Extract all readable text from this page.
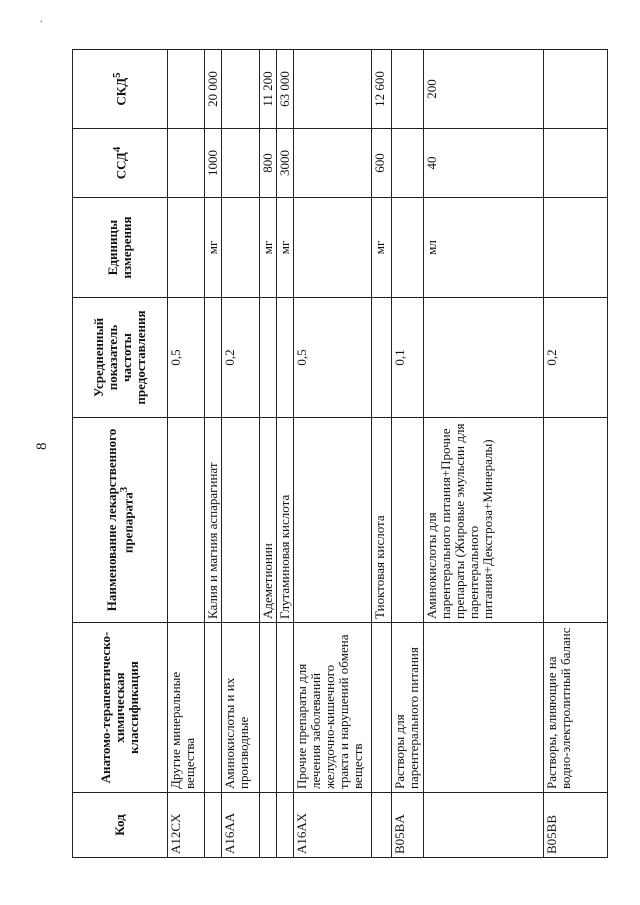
.
'
8
Код	Анатомо-терапевтическо-химическая классификация	Наименование лекарственного препарата$^3$	Усредненный показатель частоты предоставления	Единицы измерения	ССД$^4$	СКД$^5$
A12CX	Другие минеральные вещества		0,5			
		Калия и магния аспарагинат		мг	1000	20 000
A16AA	Аминокислоты и их производные		0,2			
		Адеметионин		мг	800	11 200
		Глутаминовая кислота		мг	3000	63 000
A16AX	Прочие препараты для лечения заболеваний желудочно-кишечного тракта и нарушений обмена веществ		0,5			
		Тиоктовая кислота		мг	600	12 600
B05BA	Растворы для парентерального питания		0,1			
		Аминокислоты для парентерального питания+Прочие препараты (Жировые эмульсии для парентерального питания+Декстроза+Минералы)		мл	40	200
B05BB	Растворы, влияющие на водно-электролитный баланс		0,2			
